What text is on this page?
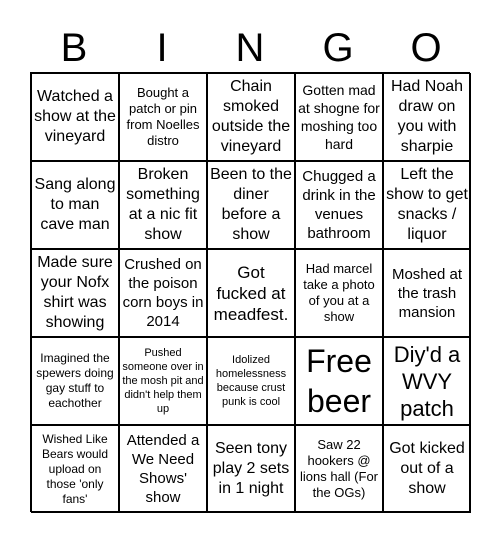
B	I	N	G	O
Watched a show at the vineyard
Bought a patch or pin from Noelles distro
Chain smoked outside the vineyard
Gotten mad at shogne for moshing too hard
Had Noah draw on you with sharpie
Sang along to man cave man
Broken something at a nic fit show
Been to the diner before a show
Chugged a drink in the venues bathroom
Left the show to get snacks / liquor
Made sure your Nofx shirt was showing
Crushed on the poison corn boys in 2014
Got fucked at meadfest.
Had marcel take a photo of you at a show
Moshed at the trash mansion
Imagined the spewers doing gay stuff to eachother
Pushed someone over in the mosh pit and didn't help them up
Idolized homelessness because crust punk is cool
Free beer
Diy'd a WVY patch
Wished Like Bears would upload on those 'only fans'
Attended a We Need Shows' show
Seen tony play 2 sets in 1 night
Saw 22 hookers @ lions hall (For the OGs)
Got kicked out of a show
